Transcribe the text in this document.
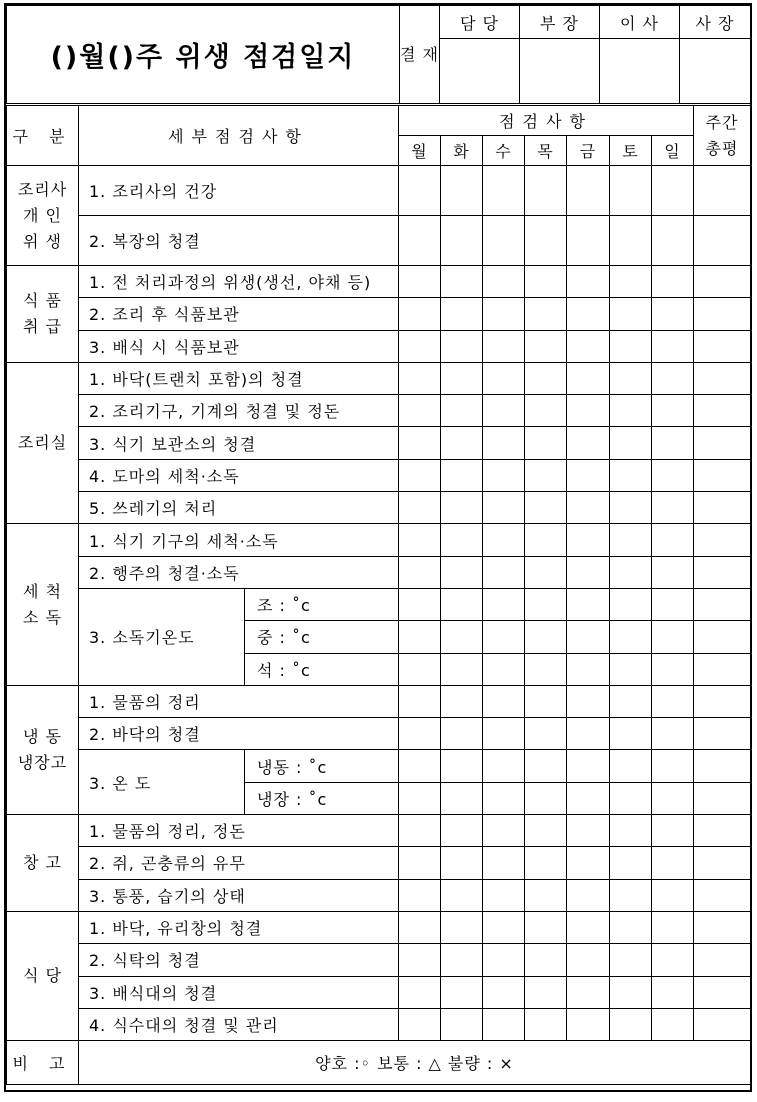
()월()주 위생 점검일지	결 재	담 당	부 장	이 사	사 장

구 분	세부점검사항		점검사항							주간 총평
			월	화	수	목	금	토	일	

조리사
개 인
위 생	1. 조리사의 건강									
	2. 복장의 청결									

식 품
취 급	1. 전 처리과정의 위생(생선, 야채 등)									
	2. 조리 후 식품보관									
	3. 배식 시 식품보관									

조리실	1. 바닥(트랜치 포함)의 청결									
	2. 조리기구, 기계의 청결 및 정돈									
	3. 식기 보관소의 청결									
	4. 도마의 세척·소독									
	5. 쓰레기의 처리									

세 척
소 독	1. 식기 기구의 세척·소독									
	2. 행주의 청결·소독									
	3. 소독기온도	조 : ˚c								
		중 : ˚c								
		석 : ˚c								

냉 동
냉장고	1. 물품의 정리									
	2. 바닥의 청결									
	3. 온 도	냉동 : ˚c								
		냉장 : ˚c								

창 고	1. 물품의 정리, 정돈									
	2. 쥐, 곤충류의 유무									
	3. 통풍, 습기의 상태									

식 당	1. 바닥, 유리창의 청결									
	2. 식탁의 청결									
	3. 배식대의 청결									
	4. 식수대의 청결 및 관리									
비 고	양호 :◦ 보통 : △ 불량 : ×									
